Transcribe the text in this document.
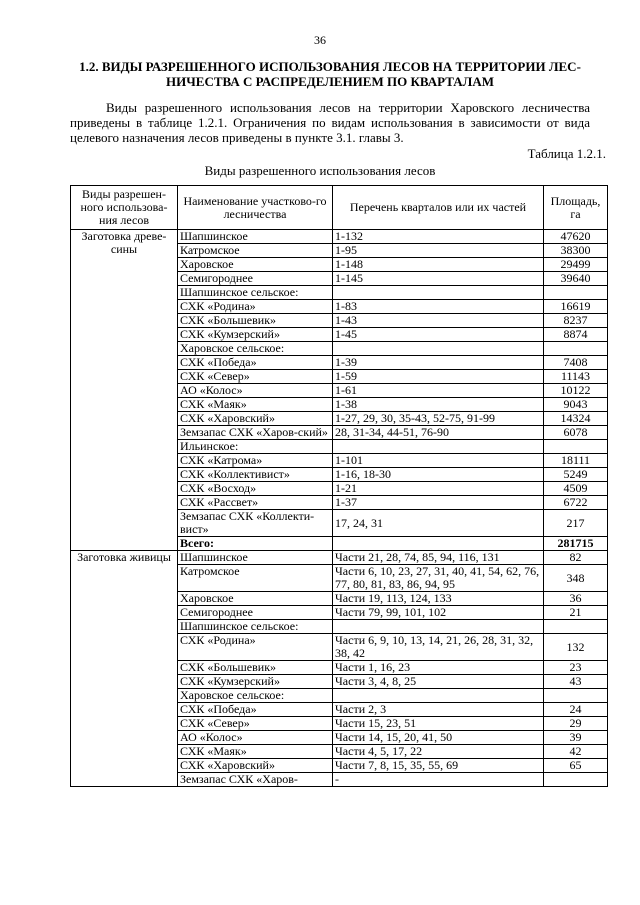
36
1.2. ВИДЫ РАЗРЕШЕННОГО ИСПОЛЬЗОВАНИЯ ЛЕСОВ НА ТЕРРИТОРИИ ЛЕС-НИЧЕСТВА С РАСПРЕДЕЛЕНИЕМ ПО КВАРТАЛАМ
Виды разрешенного использования лесов на территории Харовского лесничества приведены в таблице 1.2.1. Ограничения по видам использования в зависимости от вида целевого назначения лесов приведены в пункте 3.1. главы 3.
Таблица 1.2.1.
Виды разрешенного использования лесов
Виды разрешен-ного использова-ния лесов	Наименование участково-го лесничества	Перечень кварталов или их частей	Площадь, га
Заготовка древе-сины	Шапшинское	1-132	47620
	Катромское	1-95	38300
	Харовское	1-148	29499
	Семигороднее	1-145	39640
	Шапшинское сельское:		
	СХК «Родина»	1-83	16619
	СХК «Большевик»	1-43	8237
	СХК «Кумзерский»	1-45	8874
	Харовское сельское:		
	СХК «Победа»	1-39	7408
	СХК «Север»	1-59	11143
	АО «Колос»	1-61	10122
	СХК «Маяк»	1-38	9043
	СХК «Харовский»	1-27, 29, 30, 35-43, 52-75, 91-99	14324
	Земзапас СХК «Харов-ский»	28, 31-34, 44-51, 76-90	6078
	Ильинское:		
	СХК «Катрома»	1-101	18111
	СХК «Коллективист»	1-16, 18-30	5249
	СХК «Восход»	1-21	4509
	СХК «Рассвет»	1-37	6722
	Земзапас СХК «Коллекти-вист»	17, 24, 31	217
	Всего:		281715
Заготовка живицы	Шапшинское	Части 21, 28, 74, 85, 94, 116, 131	82
	Катромское	Части 6, 10, 23, 27, 31, 40, 41, 54, 62, 76, 77, 80, 81, 83, 86, 94, 95	348
	Харовское	Части 19, 113, 124, 133	36
	Семигороднее	Части 79, 99, 101, 102	21
	Шапшинское сельское:		
	СХК «Родина»	Части 6, 9, 10, 13, 14, 21, 26, 28, 31, 32, 38, 42	132
	СХК «Большевик»	Части 1, 16, 23	23
	СХК «Кумзерский»	Части 3, 4, 8, 25	43
	Харовское сельское:		
	СХК «Победа»	Части 2, 3	24
	СХК «Север»	Части 15, 23, 51	29
	АО «Колос»	Части 14, 15, 20, 41, 50	39
	СХК «Маяк»	Части 4, 5, 17, 22	42
	СХК «Харовский»	Части 7, 8, 15, 35, 55, 69	65
	Земзапас СХК «Харов-	-	
